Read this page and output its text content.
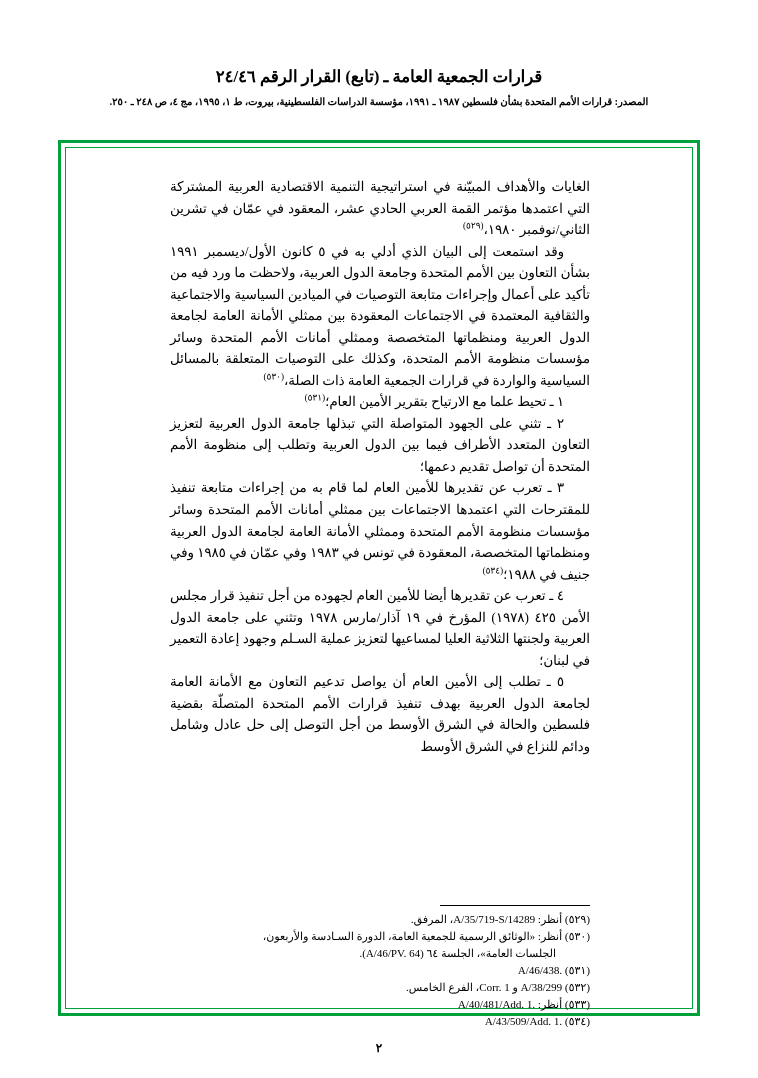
قرارات الجمعية العامة ـ (تابع) القرار الرقم ٢٤/٤٦
المصدر: قرارات الأمم المتحدة بشأن فلسطين ١٩٨٧ ـ ١٩٩١، مؤسسة الدراسات الفلسطينية، بيروت، ط ١، ١٩٩٥، مج ٤، ص ٢٤٨ ـ ٢٥٠.

الغايات والأهداف المبيّنة في استراتيجية التنمية الاقتصادية العربية المشتركة التي اعتمدها مؤتمر القمة العربي الحادي عشر، المعقود في عمّان في تشرين الثاني/نوفمبر ١٩٨٠،$^{(٥٢٩)}$

وقد استمعت إلى البيان الذي أدلي به في ٥ كانون الأول/ديسمبر ١٩٩١ بشأن التعاون بين الأمم المتحدة وجامعة الدول العربية، ولاحظت ما ورد فيه من تأكيد على أعمال وإجراءات متابعة التوصيات في الميادين السياسية والاجتماعية والثقافية المعتمدة في الاجتماعات المعقودة بين ممثلي الأمانة العامة لجامعة الدول العربية ومنظماتها المتخصصة وممثلي أمانات الأمم المتحدة وسائر مؤسسات منظومة الأمم المتحدة، وكذلك على التوصيات المتعلقة بالمسائل السياسية والواردة في قرارات الجمعية العامة ذات الصلة،$^{(٥٣٠)}$

١ ـ تحيط علما مع الارتياح بتقرير الأمين العام؛$^{(٥٣١)}$

٢ ـ تثني على الجهود المتواصلة التي تبذلها جامعة الدول العربية لتعزيز التعاون المتعدد الأطراف فيما بين الدول العربية وتطلب إلى منظومة الأمم المتحدة أن تواصل تقديم دعمها؛

٣ ـ تعرب عن تقديرها للأمين العام لما قام به من إجراءات متابعة تنفيذ للمقترحات التي اعتمدها الاجتماعات بين ممثلي أمانات الأمم المتحدة وسائر مؤسسات منظومة الأمم المتحدة وممثلي الأمانة العامة لجامعة الدول العربية ومنظماتها المتخصصة، المعقودة في تونس في ١٩٨٣ وفي عمّان في ١٩٨٥ وفي جنيف في ١٩٨٨؛$^{(٥٣٤)}$

٤ ـ تعرب عن تقديرها أيضا للأمين العام لجهوده من أجل تنفيذ قرار مجلس الأمن ٤٢٥ (١٩٧٨) المؤرخ في ١٩ آذار/مارس ١٩٧٨ وتثني على جامعة الدول العربية ولجنتها الثلاثية العليا لمساعيها لتعزيز عملية السـلم وجهود إعادة التعمير في لبنان؛

٥ ـ تطلب إلى الأمين العام أن يواصل تدعيم التعاون مع الأمانة العامة لجامعة الدول العربية بهدف تنفيذ قرارات الأمم المتحدة المتصلّة بقضية فلسطين والحالة في الشرق الأوسط من أجل التوصل إلى حل عادل وشامل ودائم للنزاع في الشرق الأوسط

(٥٢٩) أنظر: A/35/719-S/14289، المرفق.

(٥٣٠) أنظر: «الوثائق الرسمية للجمعية العامة، الدورة السـادسة والأربعون،

الجلسات العامة»، الجلسة ٦٤ (A/46/PV. 64).

(٥٣١) A/46/438.

(٥٣٢) A/38/299 و Corr. 1، الفرع الخامس.

(٥٣٣) أنظر: A/40/481/Add. 1.

(٥٣٤) A/43/509/Add. 1.

٢
